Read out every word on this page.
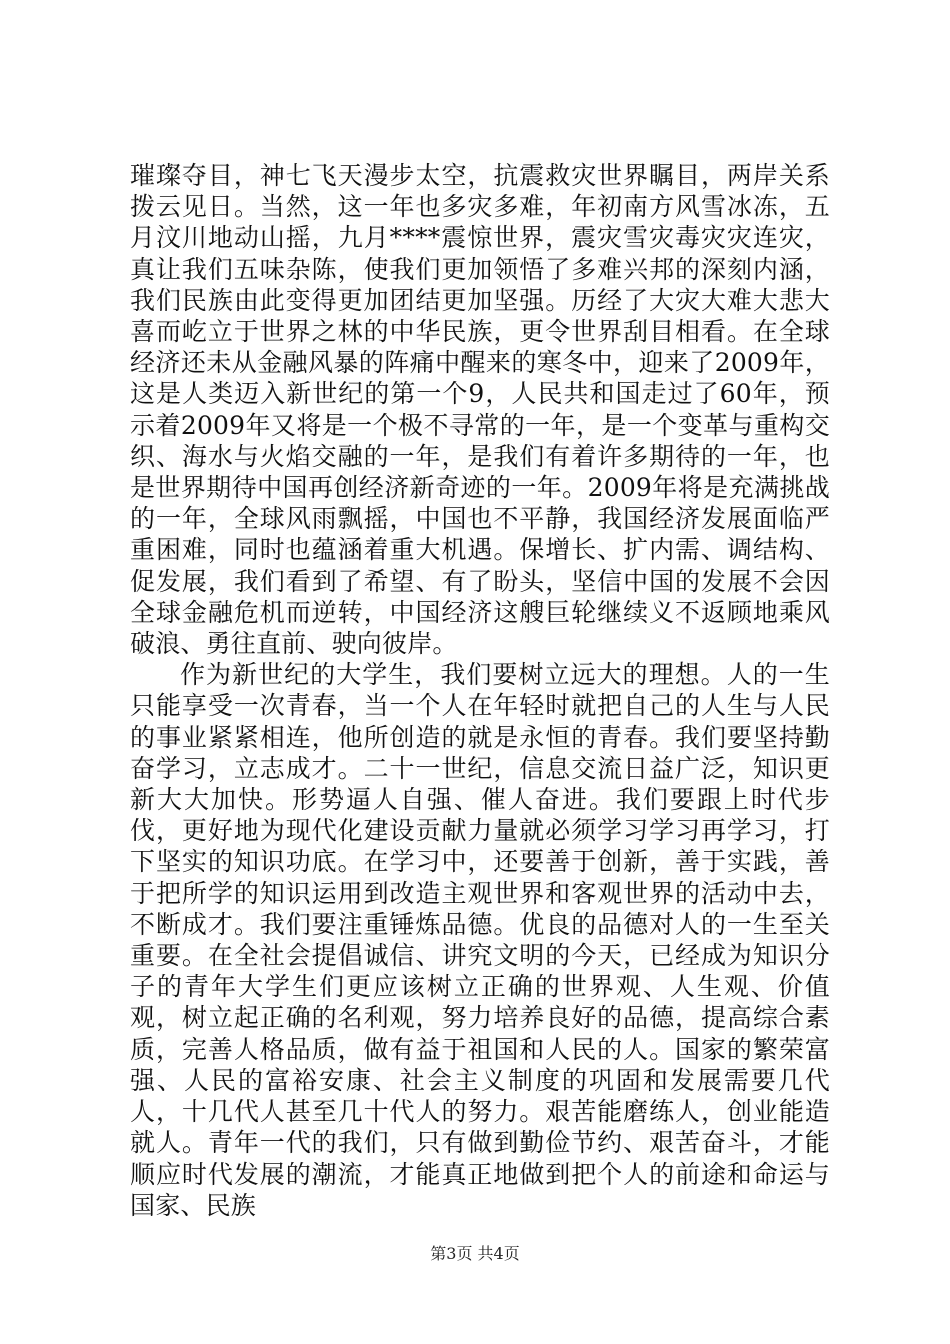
璀璨夺目，神七飞天漫步太空，抗震救灾世界瞩目，两岸关系拨云见日。当然，这一年也多灾多难，年初南方风雪冰冻，五月汶川地动山摇，九月****震惊世界，震灾雪灾毒灾灾连灾，真让我们五味杂陈，使我们更加领悟了多难兴邦的深刻内涵，我们民族由此变得更加团结更加坚强。历经了大灾大难大悲大喜而屹立于世界之林的中华民族，更令世界刮目相看。在全球经济还未从金融风暴的阵痛中醒来的寒冬中，迎来了2009年，这是人类迈入新世纪的第一个9，人民共和国走过了60年，预示着2009年又将是一个极不寻常的一年，是一个变革与重构交织、海水与火焰交融的一年，是我们有着许多期待的一年，也是世界期待中国再创经济新奇迹的一年。2009年将是充满挑战的一年，全球风雨飘摇，中国也不平静，我国经济发展面临严重困难，同时也蕴涵着重大机遇。保增长、扩内需、调结构、促发展，我们看到了希望、有了盼头，坚信中国的发展不会因全球金融危机而逆转，中国经济这艘巨轮继续义不返顾地乘风破浪、勇往直前、驶向彼岸。

作为新世纪的大学生，我们要树立远大的理想。人的一生只能享受一次青春，当一个人在年轻时就把自己的人生与人民的事业紧紧相连，他所创造的就是永恒的青春。我们要坚持勤奋学习，立志成才。二十一世纪，信息交流日益广泛，知识更新大大加快。形势逼人自强、催人奋进。我们要跟上时代步伐，更好地为现代化建设贡献力量就必须学习学习再学习，打下坚实的知识功底。在学习中，还要善于创新，善于实践，善于把所学的知识运用到改造主观世界和客观世界的活动中去，不断成才。我们要注重锤炼品德。优良的品德对人的一生至关重要。在全社会提倡诚信、讲究文明的今天，已经成为知识分子的青年大学生们更应该树立正确的世界观、人生观、价值观，树立起正确的名利观，努力培养良好的品德，提高综合素质，完善人格品质，做有益于祖国和人民的人。国家的繁荣富强、人民的富裕安康、社会主义制度的巩固和发展需要几代人，十几代人甚至几十代人的努力。艰苦能磨练人，创业能造就人。青年一代的我们，只有做到勤俭节约、艰苦奋斗，才能顺应时代发展的潮流，才能真正地做到把个人的前途和命运与国家、民族

第3页 共4页
